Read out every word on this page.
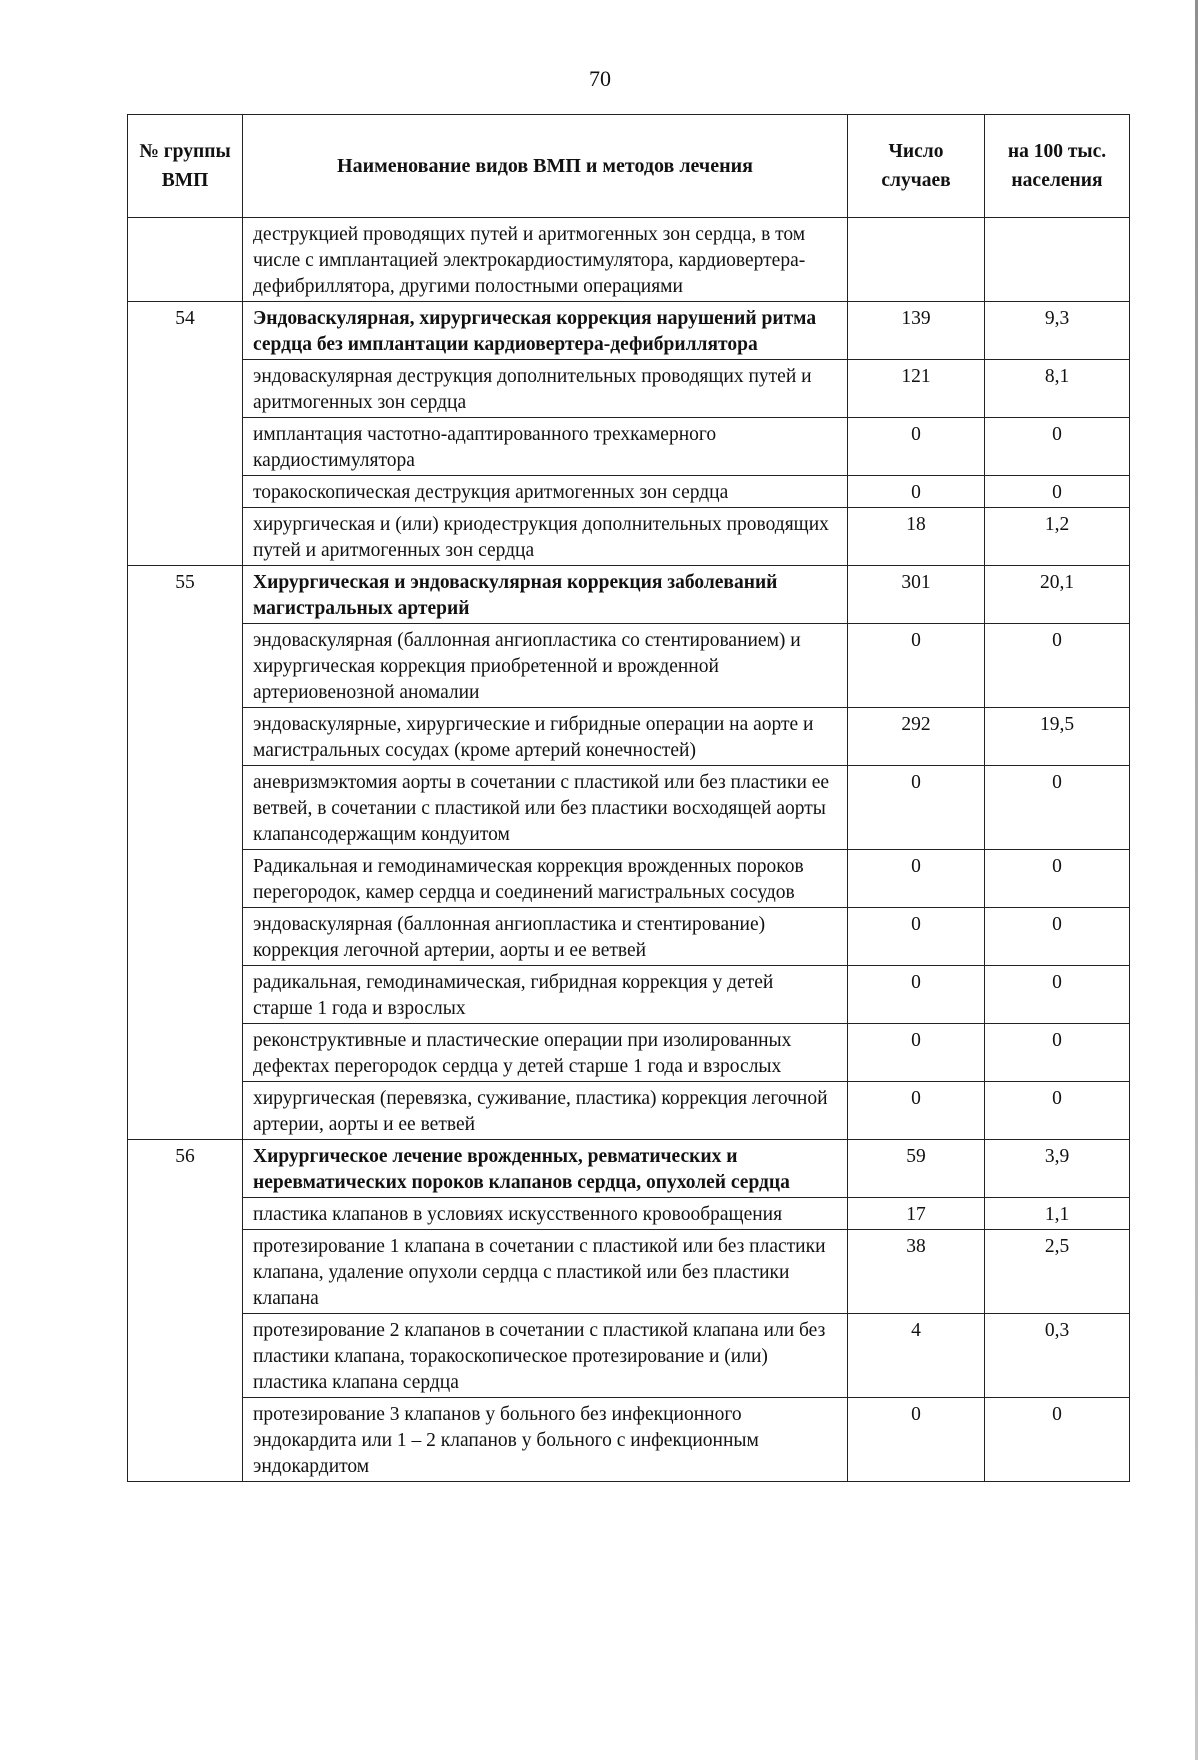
70
№ группы ВМП	Наименование видов ВМП и методов лечения	Число случаев	на 100 тыс. населения
	деструкцией проводящих путей и аритмогенных зон сердца, в том числе с имплантацией электрокардиостимулятора, кардиовертера-дефибриллятора, другими полостными операциями		
54	Эндоваскулярная, хирургическая коррекция нарушений ритма сердца без имплантации кардиовертера-дефибриллятора	139	9,3
	эндоваскулярная деструкция дополнительных проводящих путей и аритмогенных зон сердца	121	8,1
	имплантация частотно-адаптированного трехкамерного кардиостимулятора	0	0
	торакоскопическая деструкция аритмогенных зон сердца	0	0
	хирургическая и (или) криодеструкция дополнительных проводящих путей и аритмогенных зон сердца	18	1,2
55	Хирургическая и эндоваскулярная коррекция заболеваний магистральных артерий	301	20,1
	эндоваскулярная (баллонная ангиопластика со стентированием) и хирургическая коррекция приобретенной и врожденной артериовенозной аномалии	0	0
	эндоваскулярные, хирургические и гибридные операции на аорте и магистральных сосудах (кроме артерий конечностей)	292	19,5
	аневризмэктомия аорты в сочетании с пластикой или без пластики ее ветвей, в сочетании с пластикой или без пластики восходящей аорты клапансодержащим кондуитом	0	0
	Радикальная и гемодинамическая коррекция врожденных пороков перегородок, камер сердца и соединений магистральных сосудов	0	0
	эндоваскулярная (баллонная ангиопластика и стентирование) коррекция легочной артерии, аорты и ее ветвей	0	0
	радикальная, гемодинамическая, гибридная коррекция у детей старше 1 года и взрослых	0	0
	реконструктивные и пластические операции при изолированных дефектах перегородок сердца у детей старше 1 года и взрослых	0	0
	хирургическая (перевязка, суживание, пластика) коррекция легочной артерии, аорты и ее ветвей	0	0
56	Хирургическое лечение врожденных, ревматических и неревматических пороков клапанов сердца, опухолей сердца	59	3,9
	пластика клапанов в условиях искусственного кровообращения	17	1,1
	протезирование 1 клапана в сочетании с пластикой или без пластики клапана, удаление опухоли сердца с пластикой или без пластики клапана	38	2,5
	протезирование 2 клапанов в сочетании с пластикой клапана или без пластики клапана, торакоскопическое протезирование и (или) пластика клапана сердца	4	0,3
	протезирование 3 клапанов у больного без инфекционного эндокардита или 1 – 2 клапанов у больного с инфекционным эндокардитом	0	0
